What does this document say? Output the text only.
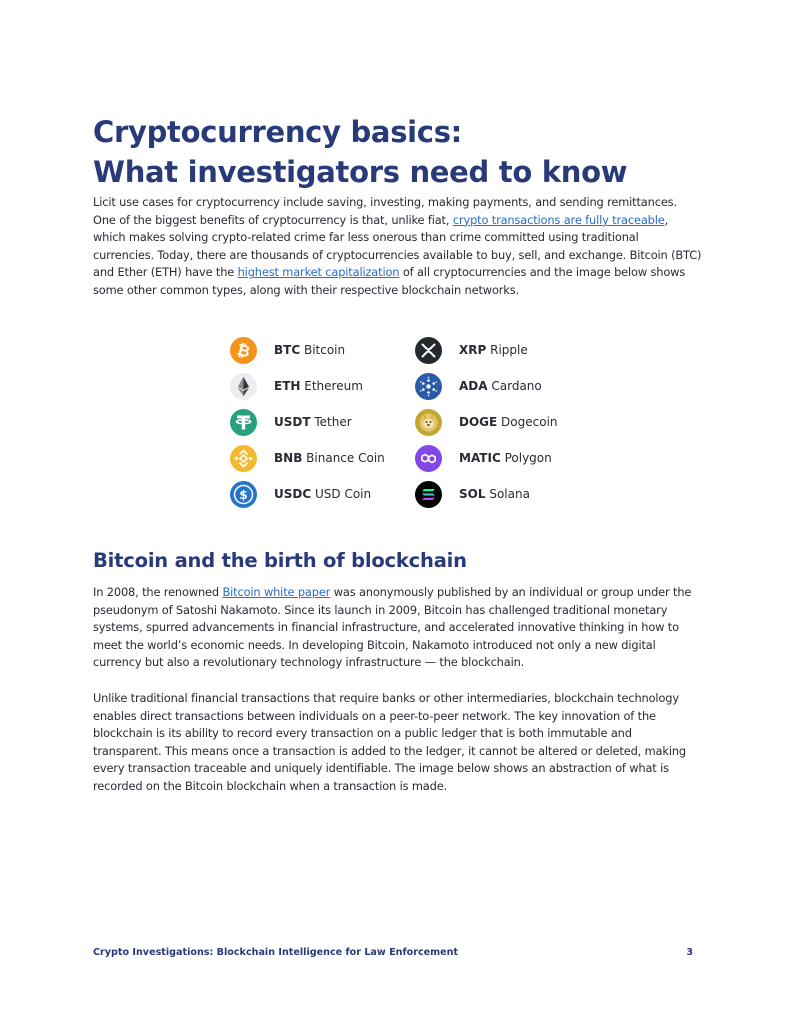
Cryptocurrency basics:
What investigators need to know

Licit use cases for cryptocurrency include saving, investing, making payments, and sending remittances. One of the biggest benefits of cryptocurrency is that, unlike fiat, crypto transactions are fully traceable, which makes solving crypto-related crime far less onerous than crime committed using traditional currencies. Today, there are thousands of cryptocurrencies available to buy, sell, and exchange. Bitcoin (BTC) and Ether (ETH) have the highest market capitalization of all cryptocurrencies and the image below shows some other common types, along with their respective blockchain networks.

₿ BTC Bitcoin
ETH Ethereum
USDT Tether
BNB Binance Coin
$ USDC USD Coin
XRP Ripple
ADA Cardano
DOGE Dogecoin
MATIC Polygon
SOL Solana
Bitcoin and the birth of blockchain

In 2008, the renowned Bitcoin white paper was anonymously published by an individual or group under the pseudonym of Satoshi Nakamoto. Since its launch in 2009, Bitcoin has challenged traditional monetary systems, spurred advancements in financial infrastructure, and accelerated innovative thinking in how to meet the world’s economic needs. In developing Bitcoin, Nakamoto introduced not only a new digital currency but also a revolutionary technology infrastructure — the blockchain.

Unlike traditional financial transactions that require banks or other intermediaries, blockchain technology enables direct transactions between individuals on a peer-to-peer network. The key innovation of the blockchain is its ability to record every transaction on a public ledger that is both immutable and transparent. This means once a transaction is added to the ledger, it cannot be altered or deleted, making every transaction traceable and uniquely identifiable. The image below shows an abstraction of what is recorded on the Bitcoin blockchain when a transaction is made.

Crypto Investigations: Blockchain Intelligence for Law Enforcement	3
